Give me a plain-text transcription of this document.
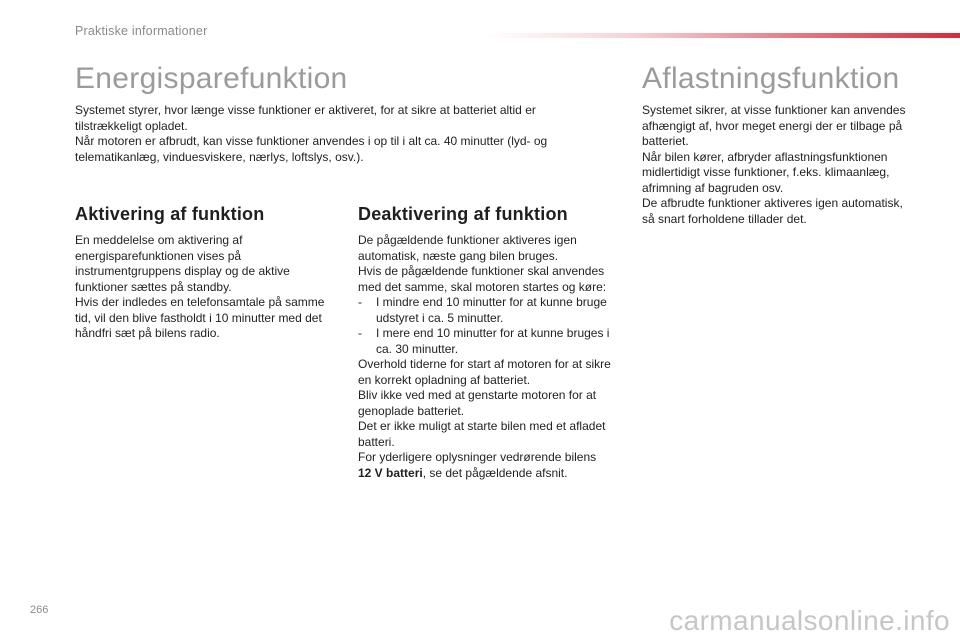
Praktiske informationer
Energisparefunktion

Systemet styrer, hvor længe visse funktioner er aktiveret, for at sikre at batteriet altid er tilstrækkeligt opladet.

Når motoren er afbrudt, kan visse funktioner anvendes i op til i alt ca. 40 minutter (lyd- og telematikanlæg, vinduesviskere, nærlys, loftslys, osv.).

Aktivering af funktion

En meddelelse om aktivering af energisparefunktionen vises på instrumentgruppens display og de aktive funktioner sættes på standby.

Hvis der indledes en telefonsamtale på samme tid, vil den blive fastholdt i 10 minutter med det håndfri sæt på bilens radio.

Deaktivering af funktion

De pågældende funktioner aktiveres igen automatisk, næste gang bilen bruges.

Hvis de pågældende funktioner skal anvendes med det samme, skal motoren startes og køre:

-	I mindre end 10 minutter for at kunne bruge udstyret i ca. 5 minutter.
-	I mere end 10 minutter for at kunne bruges i ca. 30 minutter.

Overhold tiderne for start af motoren for at sikre en korrekt opladning af batteriet.

Bliv ikke ved med at genstarte motoren for at genoplade batteriet.

Det er ikke muligt at starte bilen med et afladet batteri.

For yderligere oplysninger vedrørende bilens
12 V batteri, se det pågældende afsnit.

Aflastningsfunktion

Systemet sikrer, at visse funktioner kan anvendes afhængigt af, hvor meget energi der er tilbage på batteriet.

Når bilen kører, afbryder aflastningsfunktionen midlertidigt visse funktioner, f.eks. klimaanlæg, afrimning af bagruden osv.

De afbrudte funktioner aktiveres igen automatisk, så snart forholdene tillader det.

266	carmanualsonline.info
